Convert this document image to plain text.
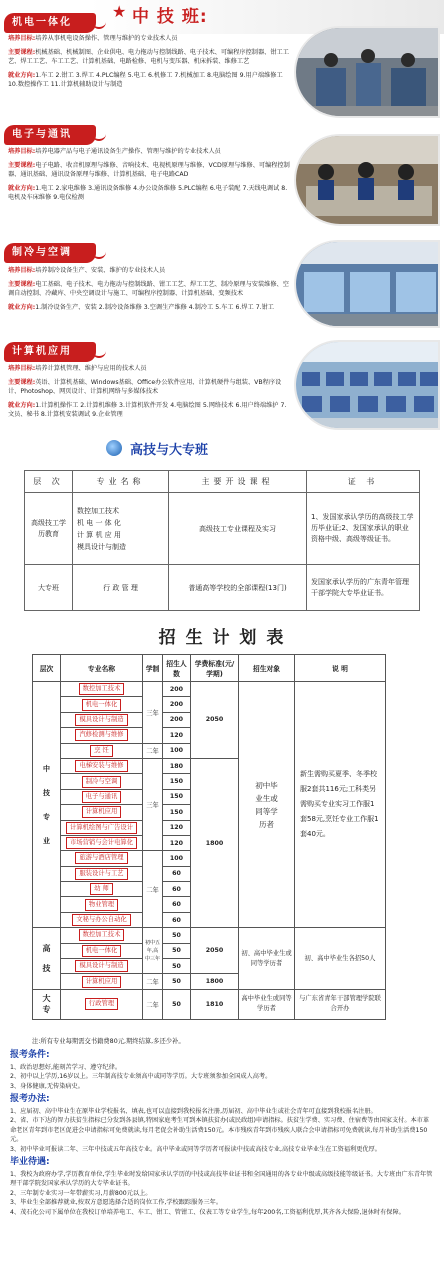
★ 中 技 班:
机电一体化

培养目标:培养从事机电设备操作、管理与维护的专业技术人员

主要课程:机械基础、机械制图、企业供电、电力拖动与控制线路、电子技术、可编程序控制器、钳工工艺、焊工工艺、车工工艺、计算机基础、电路检修、电机与变压器、机床拆装、维修工艺

就业方向:1.车工 2.钳工 3.焊工 4.PLC编程 5.电工 6.机修工 7.机械加工 8.电脑绘图 9.用户端维修工 10.数控操作工 11.计算机辅助设计与制造

电子与通讯

培养目标:培养电器产品与电子通讯设备生产操作、管理与维护的专业技术人员

主要课程:电子电路、收音机原理与维修、音响技术、电视机原理与维修、VCD原理与维修、可编程控制器、通讯基础、通讯设备原理与维修、计算机基础、电子电路CAD

就业方向:1.电工 2.家电维修 3.通讯设备维修 4.办公设备维修 5.PLC编程 6.电子装配 7.天线电调试 8.电机及车床维修 9.电仪检测

制冷与空调

培养目标:培养制冷设备生产、安装、维护的专业技术人员

主要课程:电工基础、电子技术、电力拖动与控制线路、钳工工艺、焊工工艺、制冷原理与安装维修、空调自动控制、冷藏库、中央空调设计与施工、可编程序控制器、计算机基础、变频技术

就业方向:1.制冷设备生产、安装 2.制冷设备维修 3.空调生产维修 4.制冷工 5.车工 6.焊工 7.钳工

计算机应用

培养目标:培养计算机管理、维护与应用的技术人员

主要课程:英语、计算机基础、Windows基础、Office办公软件应用、计算机硬件与组装、VB程序设计、Photoshop、网页设计、计算机网络与多媒体技术

就业方向:1.计算机操作工 2.计算机维修 3.计算机软件开发 4.电脑绘图 5.网络技术 6.用户终端维护 7.文员、秘书 8.计算机安装调试 9.企业管理

高技与大专班
层 次	专业名称	主要开设课程	证 书
高级技工学历教育	数控加工技术
机 电 一 体 化
计 算 机 应 用
模具设计与制造	高级技工专业课程及实习	1、发国家承认学历的高级技工学历毕业证;2、发国家承认的职业资格中级、高级等级证书。
大专班	行 政 管 理	普通高等学校的全部课程(13门)	发国家承认学历的广东青年管理干部学院大专毕业证书。
招 生 计 划 表
层次	专业名称	学制	招生人数	学费标准(元/学期)	招生对象	说 明
中

技

专

业	数控加工技术	三年	200	2050	初中毕业生或同等学历者	新生需购买夏季、冬季校服2套共116元;工科类另需购买专业实习工作服1套58元,烹饪专业工作服1套40元。
	机电一体化		200			
	模具设计与制造		200			
	汽修检测与维修		120			
	烹 饪	二年	100			
	电梯安装与维修	三年	180	1800		
	制冷与空调		150			
	电子与通讯		150			
	计算机应用		150			
	计算机绘图与广告设计		120			
	市场营销与会计电算化		120			
	旅游与酒店管理	二年	100			
	服装设计与工艺		60			
	幼 师		60			
	物业管理		60			
	文秘与办公自动化		60			
高

技	数控加工技术	初中五年,高中三年	50	2050	初、高中毕业生或同等学历者	初、高中毕业生各招50人
	机电一体化		50			
	模具设计与制造		50			
	计算机应用	二年	50	1800		
大
专	行政管理	二年	50	1810	高中毕业生或同等学历者	与广东省青年干部管理学院联合开办
注:所有专业每期需交书籍费80元,期终结算,多还少补。
报考条件:
1、政治思想好,能刻苦学习、遵守纪律。
2、初中以上学历,16岁以上。三年制高技专业须高中或同等学历。大专班须参加全国成人高考。
3、身体健康,无传染病史。
报考办法:
1、应届初、高中毕业生在原毕业学校报名、填表,也可以直接到我校报名注册,历届初、高中毕业生或社会青年可直接到我校报名注册。
2、省、市下达的智力扶贫生指标已分发到各县镇,特困家庭考生可到本镇扶贫办(或民政组)申请指标。扶贫生学费、实习费、住宿费等由国家支付。本市革命老区青年到市老区促进会申请指标可免费就读,每月老促会补助生活费150元。本市残疾青年到市残疾人联合会申请指标可免费就读,每月补助生活费150元。
3、初中毕业可报读二年、三年中技或五年高技专业。高中毕业或同等学历者可报读中技或高技专业,高技专业毕业生在工资福利更优厚。
毕业待遇:
1、我校为政府办学,学历教育单位,学生毕业时发给国家承认学历的中技或高技毕业证书和全国通用的各专业中级或高级技能等级证书。大专班由广东青年管理干部学院发国家承认学历的大专毕业证书。
2、三年制专业实习一年带薪实习,月薪800元以上。
3、毕业生全部推荐就业,按双方意愿选择合适的岗位工作,学校跟踪服务三年。
4、茂石化公司下属单位在我校订单培养电工、车工、钳工、管钳工、仪表工等专业学生,每年200名,工资福利优厚,其齐各大保险,退休时有保障。
